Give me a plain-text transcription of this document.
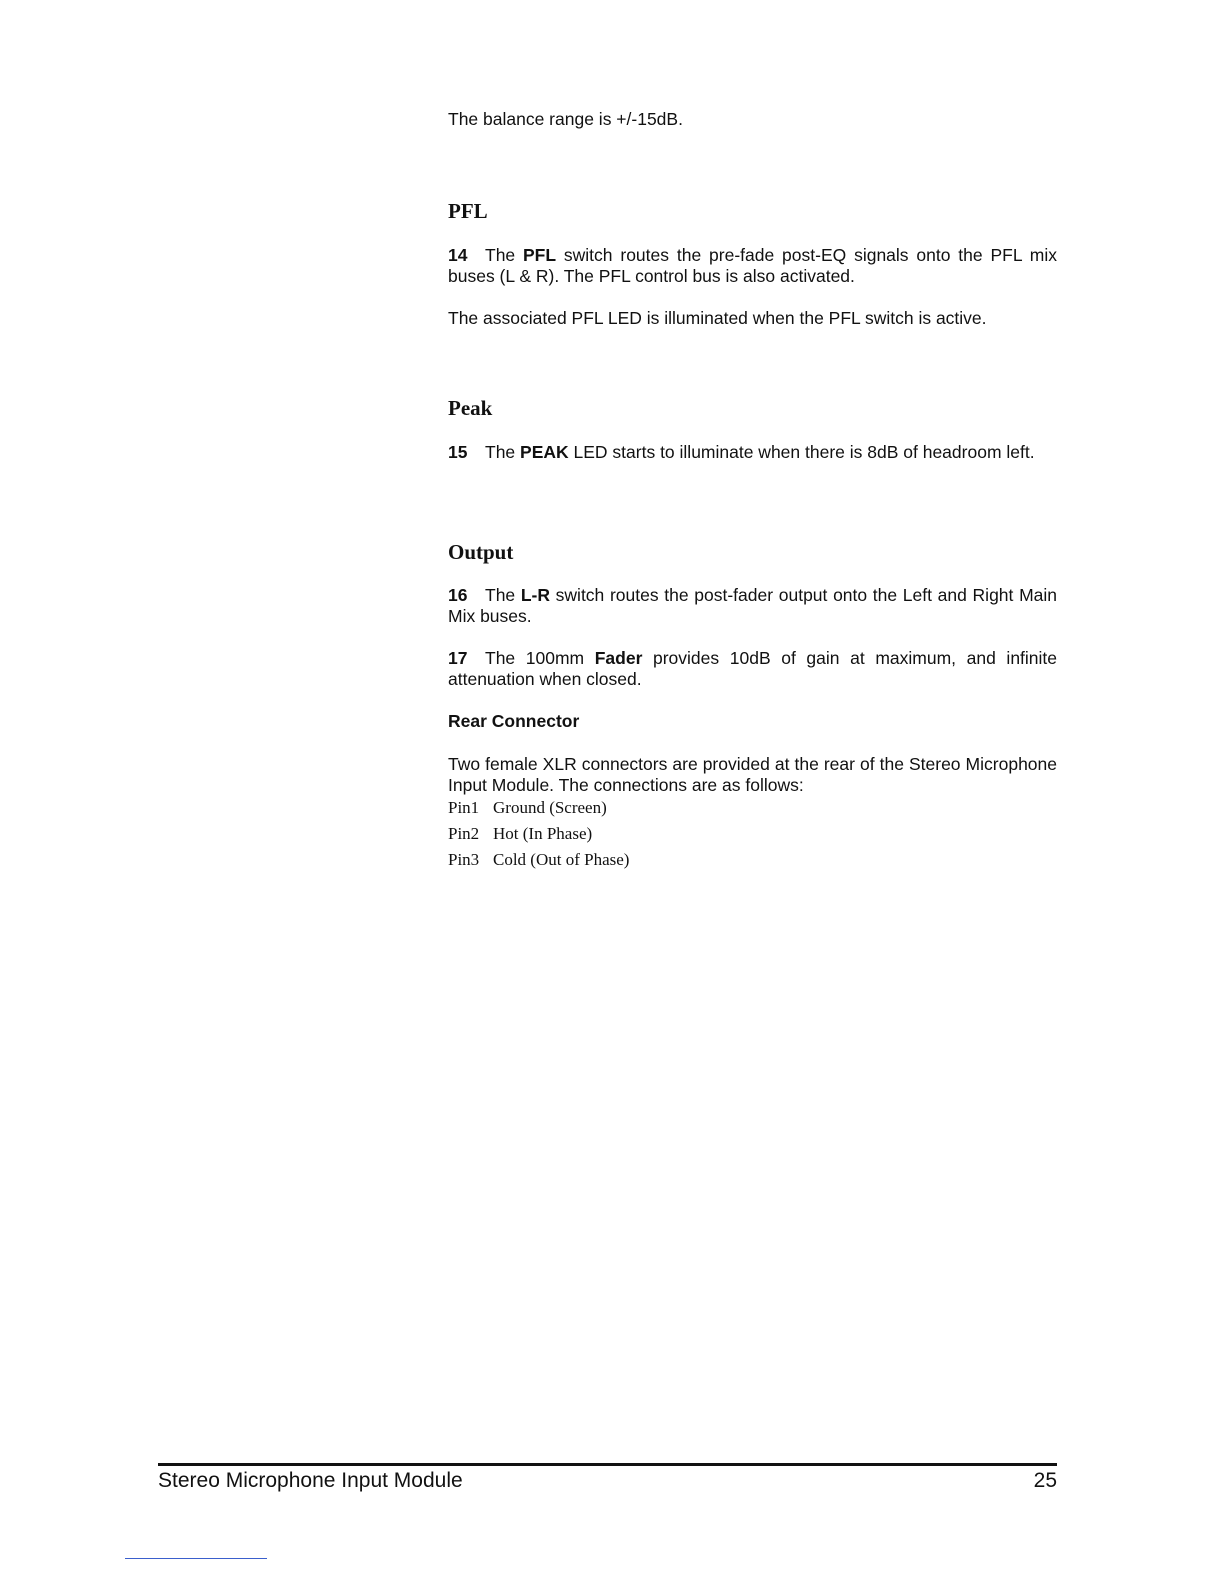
The balance range is +/-15dB.

PFL

14 The PFL switch routes the pre-fade post-EQ signals onto the PFL mix buses (L & R). The PFL control bus is also activated.

The associated PFL LED is illuminated when the PFL switch is active.

Peak

15 The PEAK LED starts to illuminate when there is 8dB of headroom left.

Output

16 The L-R switch routes the post-fader output onto the Left and Right Main Mix buses.

17 The 100mm Fader provides 10dB of gain at maximum, and infinite attenuation when closed.

Rear Connector

Two female XLR connectors are provided at the rear of the Stereo Microphone Input Module. The connections are as follows:

Pin1 Ground (Screen)
Pin2 Hot (In Phase)
Pin3 Cold (Out of Phase)
Stereo Microphone Input Module	25
